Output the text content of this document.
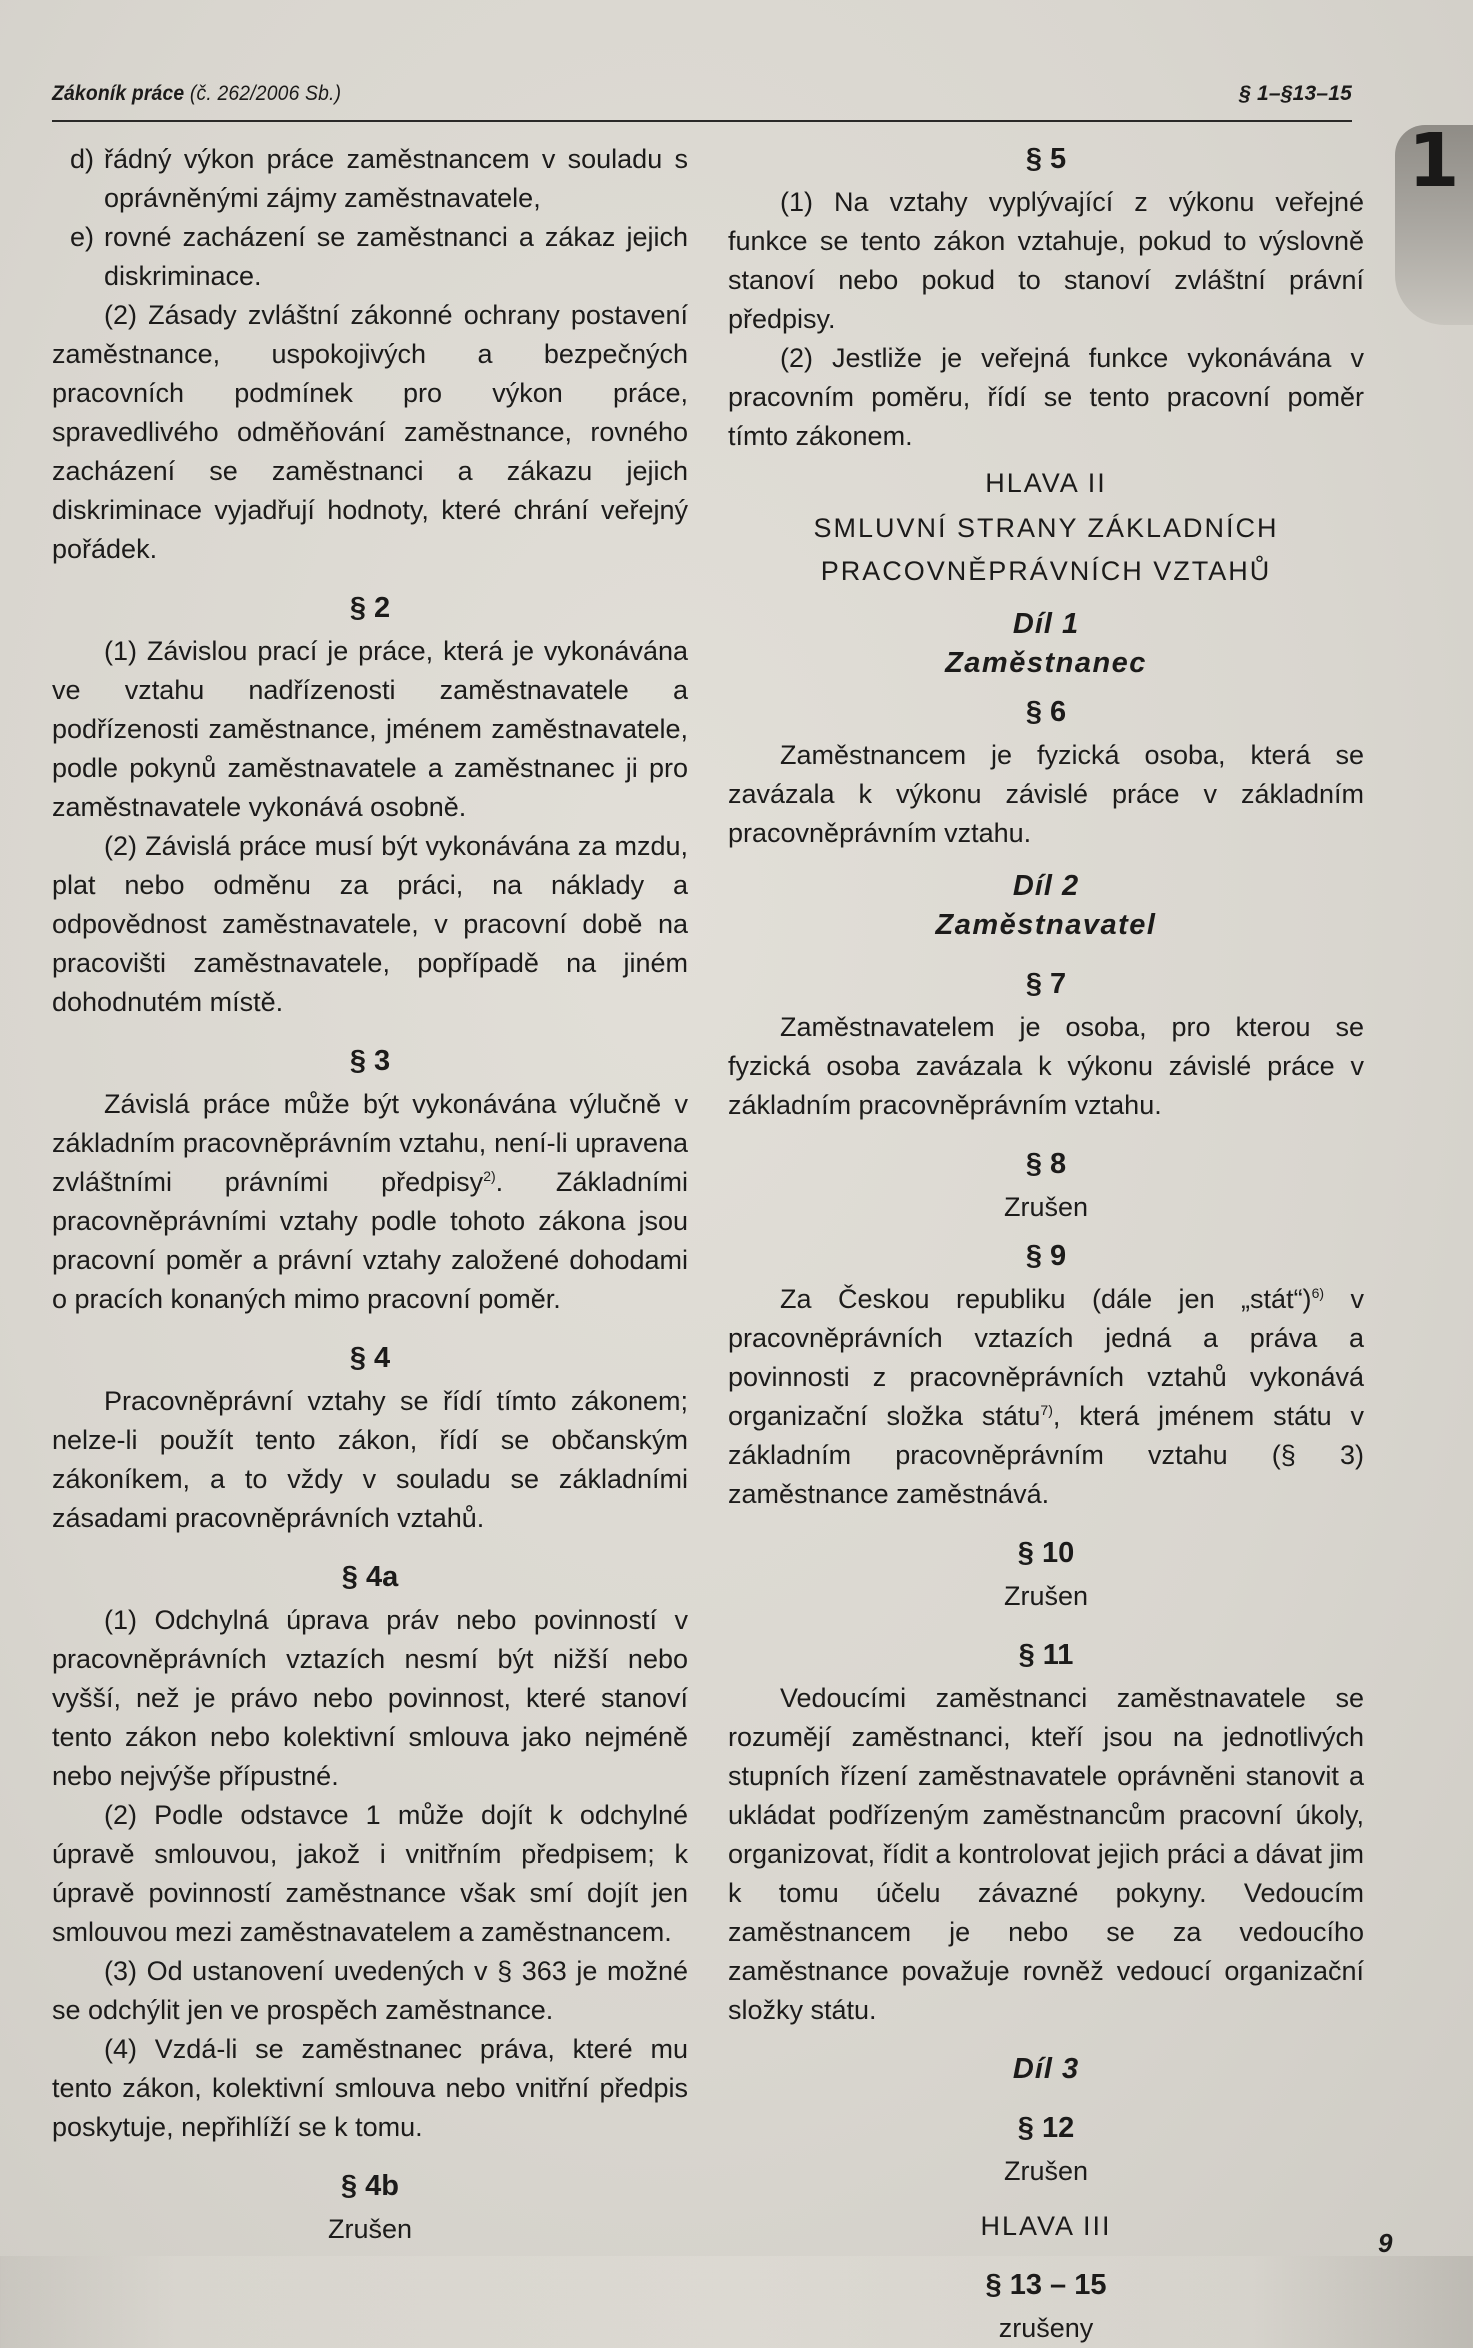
Zákoník práce (č. 262/2006 Sb.)	§ 1–§13–15
1

d) řádný výkon práce zaměstnancem v souladu s oprávněnými zájmy zaměstnavatele,

e) rovné zacházení se zaměstnanci a zákaz jejich diskriminace.

(2) Zásady zvláštní zákonné ochrany postavení zaměstnance, uspokojivých a bezpečných pracovních podmínek pro výkon práce, spravedlivého odměňování zaměstnance, rovného zacházení se zaměstnanci a zákazu jejich diskriminace vyjadřují hodnoty, které chrání veřejný pořádek.

§ 2

(1) Závislou prací je práce, která je vykonávána ve vztahu nadřízenosti zaměstnavatele a podřízenosti zaměstnance, jménem zaměstnavatele, podle pokynů zaměstnavatele a zaměstnanec ji pro zaměstnavatele vykonává osobně.

(2) Závislá práce musí být vykonávána za mzdu, plat nebo odměnu za práci, na náklady a odpovědnost zaměstnavatele, v pracovní době na pracovišti zaměstnavatele, popřípadě na jiném dohodnutém místě.

§ 3

Závislá práce může být vykonávána výlučně v základním pracovněprávním vztahu, není-li upravena zvláštními právními předpisy$^{2)}$. Základními pracovněprávními vztahy podle tohoto zákona jsou pracovní poměr a právní vztahy založené dohodami o pracích konaných mimo pracovní poměr.

§ 4

Pracovněprávní vztahy se řídí tímto zákonem; nelze-li použít tento zákon, řídí se občanským zákoníkem, a to vždy v souladu se základními zásadami pracovněprávních vztahů.

§ 4a

(1) Odchylná úprava práv nebo povinností v pracovněprávních vztazích nesmí být nižší nebo vyšší, než je právo nebo povinnost, které stanoví tento zákon nebo kolektivní smlouva jako nejméně nebo nejvýše přípustné.

(2) Podle odstavce 1 může dojít k odchylné úpravě smlouvou, jakož i vnitřním předpisem; k úpravě povinností zaměstnance však smí dojít jen smlouvou mezi zaměstnavatelem a zaměstnancem.

(3) Od ustanovení uvedených v § 363 je možné se odchýlit jen ve prospěch zaměstnance.

(4) Vzdá-li se zaměstnanec práva, které mu tento zákon, kolektivní smlouva nebo vnitřní předpis poskytuje, nepřihlíží se k tomu.

§ 4b

Zrušen

§ 5

(1) Na vztahy vyplývající z výkonu veřejné funkce se tento zákon vztahuje, pokud to výslovně stanoví nebo pokud to stanoví zvláštní právní předpisy.

(2) Jestliže je veřejná funkce vykonávána v pracovním poměru, řídí se tento pracovní poměr tímto zákonem.

HLAVA II
SMLUVNÍ STRANY ZÁKLADNÍCH
PRACOVNĚPRÁVNÍCH VZTAHŮ
Díl 1
Zaměstnanec
§ 6

Zaměstnancem je fyzická osoba, která se zavázala k výkonu závislé práce v základním pracovněprávním vztahu.

Díl 2
Zaměstnavatel
§ 7

Zaměstnavatelem je osoba, pro kterou se fyzická osoba zavázala k výkonu závislé práce v základním pracovněprávním vztahu.

§ 8

Zrušen

§ 9

Za Českou republiku (dále jen „stát“)$^{6)}$ v pracovněprávních vztazích jedná a práva a povinnosti z pracovněprávních vztahů vykonává organizační složka státu$^{7)}$, která jménem státu v základním pracovněprávním vztahu (§ 3) zaměstnance zaměstnává.

§ 10

Zrušen

§ 11

Vedoucími zaměstnanci zaměstnavatele se rozumějí zaměstnanci, kteří jsou na jednotlivých stupních řízení zaměstnavatele oprávněni stanovit a ukládat podřízeným zaměstnancům pracovní úkoly, organizovat, řídit a kontrolovat jejich práci a dávat jim k tomu účelu závazné pokyny. Vedoucím zaměstnancem je nebo se za vedoucího zaměstnance považuje rovněž vedoucí organizační složky státu.

Díl 3
§ 12

Zrušen

HLAVA III
§ 13 – 15

zrušeny

9
